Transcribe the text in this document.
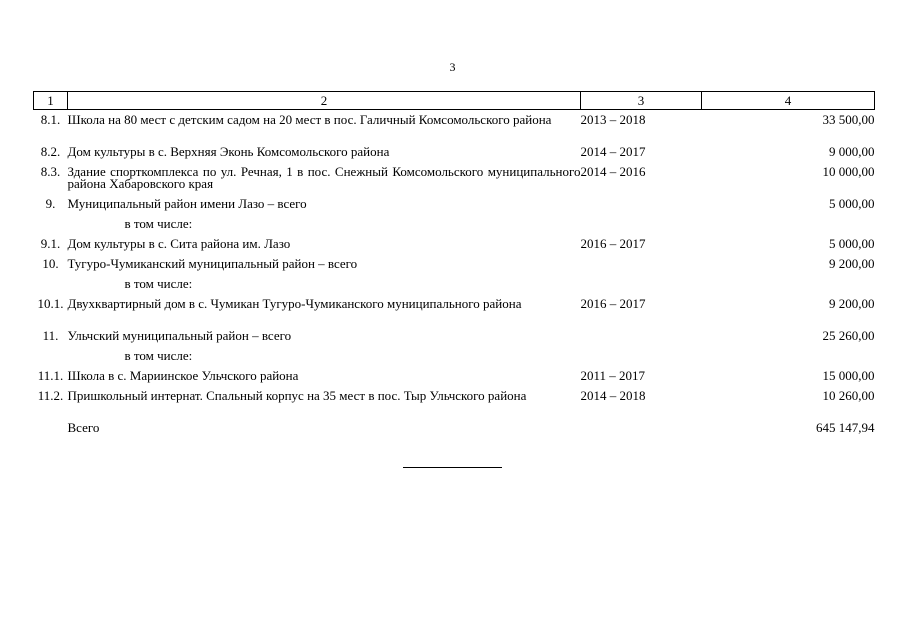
3
1	2	3	4
8.1.	Школа на 80 мест с детским садом на 20 мест в пос. Галичный Комсомольского района	2013 – 2018	33 500,00
8.2.	Дом культуры в с. Верхняя Эконь Комсомольского района	2014 – 2017	9 000,00
8.3.	Здание спорткомплекса по ул. Речная, 1 в пос. Снежный Комсомольского муниципального района Хабаровского края	2014 – 2016	10 000,00
9.	Муниципальный район имени Лазо – всего		5 000,00
	в том числе:		
9.1.	Дом культуры в с. Сита района им. Лазо	2016 – 2017	5 000,00
10.	Тугуро-Чумиканский муниципальный район – всего		9 200,00
	в том числе:		
10.1.	Двухквартирный дом в с. Чумикан Тугуро-Чумиканского муниципального района	2016 – 2017	9 200,00
11.	Ульчский муниципальный район – всего		25 260,00
	в том числе:		
11.1.	Школа в с. Мариинское Ульчского района	2011 – 2017	15 000,00
11.2.	Пришкольный интернат. Спальный корпус на 35 мест в пос. Тыр Ульчского района	2014 – 2018	10 260,00
	Всего		645 147,94
